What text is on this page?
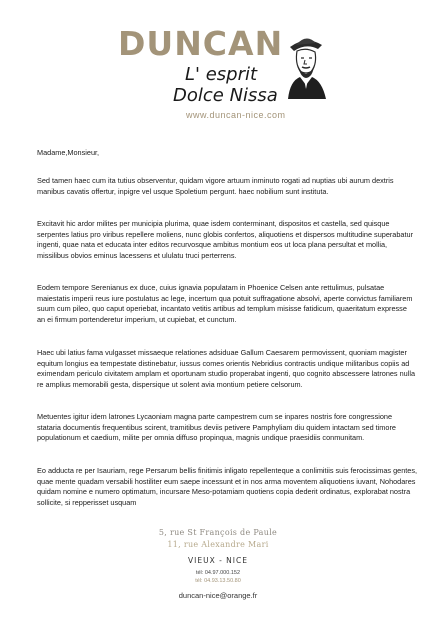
DUNCAN
L' esprit
Dolce Nissa
www.duncan-nice.com

Madame,Monsieur,

Sed tamen haec cum ita tutius observentur, quidam vigore artuum inminuto rogati ad nuptias ubi aurum dextris manibus cavatis offertur, inpigre vel usque Spoletium pergunt. haec nobilium sunt instituta.

Excitavit hic ardor milites per municipia plurima, quae isdem conterminant, dispositos et castella, sed quisque serpentes latius pro viribus repellere moliens, nunc globis confertos, aliquotiens et dispersos multitudine superabatur ingenti, quae nata et educata inter editos recurvosque ambitus montium eos ut loca plana persultat et mollia, missilibus obvios eminus lacessens et ululatu truci perterrens.

Eodem tempore Serenianus ex duce, cuius ignavia populatam in Phoenice Celsen ante rettulimus, pulsatae maiestatis imperii reus iure postulatus ac lege, incertum qua potuit suffragatione absolvi, aperte convictus familiarem suum cum pileo, quo caput operiebat, incantato vetitis artibus ad templum misisse fatidicum, quaeritatum expresse an ei firmum portenderetur imperium, ut cupiebat, et cunctum.

Haec ubi latius fama vulgasset missaeque relationes adsiduae Gallum Caesarem permovissent, quoniam magister equitum longius ea tempestate distinebatur, iussus comes orientis Nebridius contractis undique militaribus copiis ad eximendam periculo civitatem amplam et oportunam studio properabat ingenti, quo cognito abscessere latrones nulla re amplius memorabili gesta, dispersique ut solent avia montium petiere celsorum.

Metuentes igitur idem latrones Lycaoniam magna parte campestrem cum se inpares nostris fore congressione stataria documentis frequentibus scirent, tramitibus deviis petivere Pamphyliam diu quidem intactam sed timore populationum et caedium, milite per omnia diffuso propinqua, magnis undique praesidiis conmunitam.

Eo adducta re per Isauriam, rege Persarum bellis finitimis inligato repellenteque a conlimitiis suis ferocissimas gentes, quae mente quadam versabili hostiliter eum saepe incessunt et in nos arma moventem aliquotiens iuvant, Nohodares quidam nomine e numero optimatum, incursare Meso-potamiam quotiens copia dederit ordinatus, explorabat nostra sollicite, si repperisset usquam

5, rue St François de Paule

11, rue Alexandre Mari

VIEUX - NICE

tél: 04.97.000.152

tél: 04.93.13.50.80

duncan-nice@orange.fr
